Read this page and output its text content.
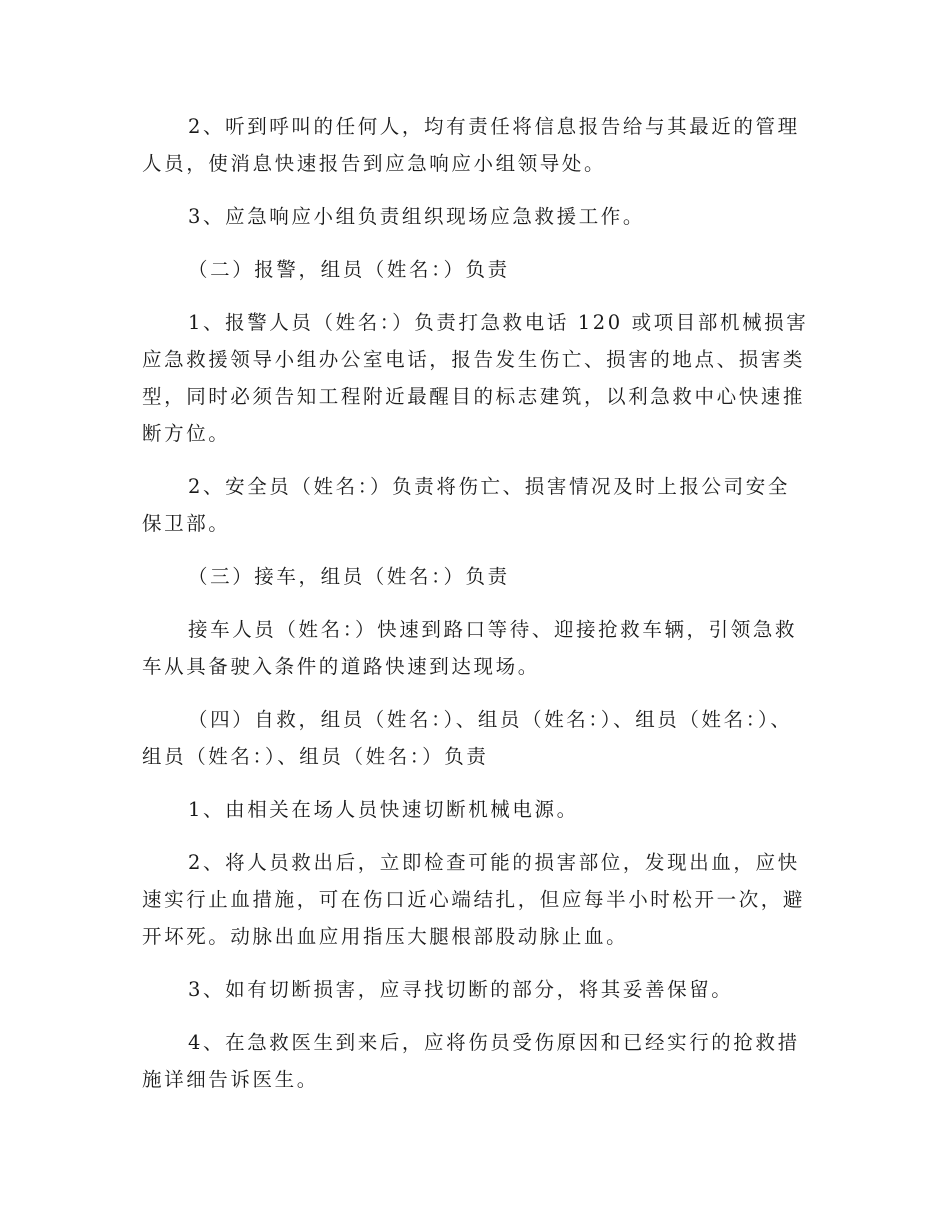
2、听到呼叫的任何人，均有责任将信息报告给与其最近的管理人员，使消息快速报告到应急响应小组领导处。

3、应急响应小组负责组织现场应急救援工作。

（二）报警，组员（姓名：）负责

1、报警人员（姓名：）负责打急救电话 120 或项目部机械损害应急救援领导小组办公室电话，报告发生伤亡、损害的地点、损害类型，同时必须告知工程附近最醒目的标志建筑，以利急救中心快速推断方位。

2、安全员（姓名：）负责将伤亡、损害情况及时上报公司安全保卫部。

（三）接车，组员（姓名：）负责

接车人员（姓名：）快速到路口等待、迎接抢救车辆，引领急救车从具备驶入条件的道路快速到达现场。

（四）自救，组员（姓名：）、组员（姓名：）、组员（姓名：）、组员（姓名：）、组员（姓名：）负责

1、由相关在场人员快速切断机械电源。

2、将人员救出后，立即检查可能的损害部位，发现出血，应快速实行止血措施，可在伤口近心端结扎，但应每半小时松开一次，避开坏死。动脉出血应用指压大腿根部股动脉止血。

3、如有切断损害，应寻找切断的部分，将其妥善保留。

4、在急救医生到来后，应将伤员受伤原因和已经实行的抢救措施详细告诉医生。
